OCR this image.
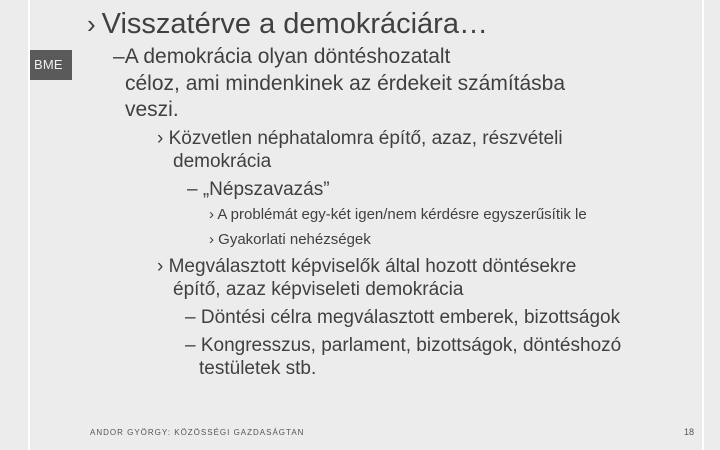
BME
› Visszatérve a demokráciára…
–A demokrácia olyan döntéshozatalt
céloz, ami mindenkinek az érdekeit számításba
veszi.
› Közvetlen néphatalomra építő, azaz, részvételi
demokrácia
– „Népszavazás”
› A problémát egy-két igen/nem kérdésre egyszerűsítik le
› Gyakorlati nehézségek
› Megválasztott képviselők által hozott döntésekre
építő, azaz képviseleti demokrácia
– Döntési célra megválasztott emberek, bizottságok
– Kongresszus, parlament, bizottságok, döntéshozó
testületek stb.
ANDOR GYÖRGY: KÖZÖSSÉGI GAZDASÁGTAN	18
